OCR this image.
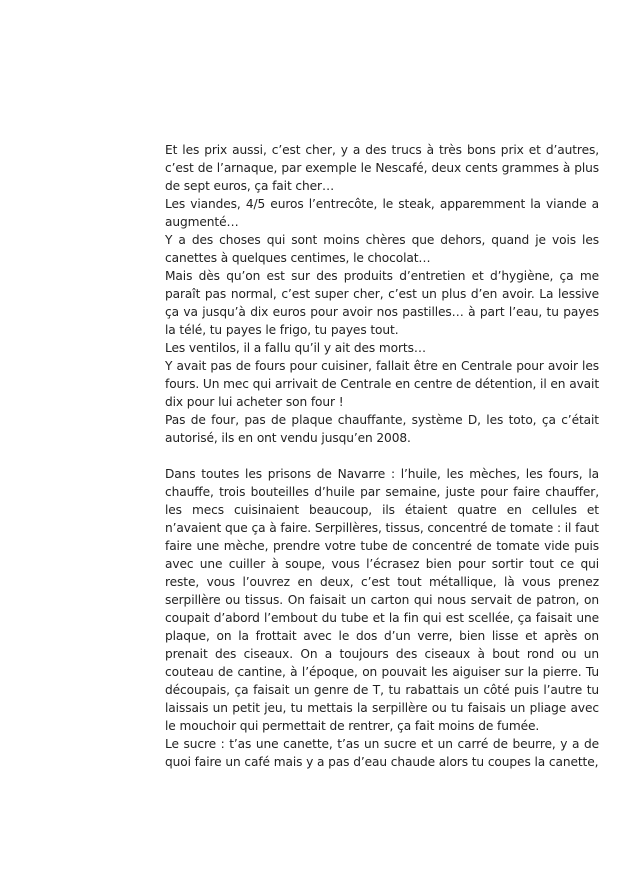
Et les prix aussi, c’est cher, y a des trucs à très bons prix et d’autres, c’est de l’arnaque, par exemple le Nescafé, deux cents grammes à plus de sept euros, ça fait cher…

Les viandes, 4/5 euros l’entrecôte, le steak, apparemment la viande a augmenté…

Y a des choses qui sont moins chères que dehors, quand je vois les canettes à quelques centimes, le chocolat…

Mais dès qu’on est sur des produits d’entretien et d’hygiène, ça me paraît pas normal, c’est super cher, c’est un plus d’en avoir. La lessive ça va jusqu’à dix euros pour avoir nos pastilles… à part l’eau, tu payes la télé, tu payes le frigo, tu payes tout.

Les ventilos, il a fallu qu’il y ait des morts…

Y avait pas de fours pour cuisiner, fallait être en Centrale pour avoir les fours. Un mec qui arrivait de Centrale en centre de détention, il en avait dix pour lui acheter son four !

Pas de four, pas de plaque chauffante, système D, les toto, ça c’était autorisé, ils en ont vendu jusqu’en 2008.

Dans toutes les prisons de Navarre : l’huile, les mèches, les fours, la chauffe, trois bouteilles d’huile par semaine, juste pour faire chauffer, les mecs cuisinaient beaucoup, ils étaient quatre en cellules et n’avaient que ça à faire. Serpillères, tissus, concentré de tomate : il faut faire une mèche, prendre votre tube de concentré de tomate vide puis avec une cuiller à soupe, vous l’écrasez bien pour sortir tout ce qui reste, vous l’ouvrez en deux, c’est tout métallique, là vous prenez serpillère ou tissus. On faisait un carton qui nous servait de patron, on coupait d’abord l’embout du tube et la fin qui est scellée, ça faisait une plaque, on la frottait avec le dos d’un verre, bien lisse et après on prenait des ciseaux. On a toujours des ciseaux à bout rond ou un couteau de cantine, à l’époque, on pouvait les aiguiser sur la pierre. Tu découpais, ça faisait un genre de T, tu rabattais un côté puis l’autre tu laissais un petit jeu, tu mettais la serpillère ou tu faisais un pliage avec le mouchoir qui permettait de rentrer, ça fait moins de fumée.

Le sucre : t’as une canette, t’as un sucre et un carré de beurre, y a de quoi faire un café mais y a pas d’eau chaude alors tu coupes la canette,
